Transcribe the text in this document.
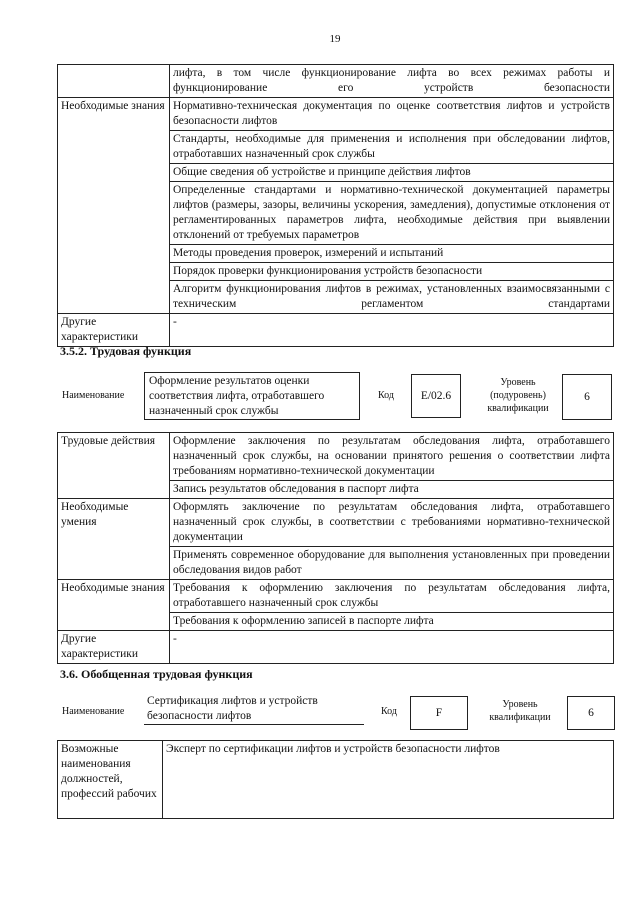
19
	лифта, в том числе функционирование лифта во всех режимах работы и функционирование его устройств безопасности
Необходимые знания	Нормативно-техническая документация по оценке соответствия лифтов и устройств безопасности лифтов
	Стандарты, необходимые для применения и исполнения при обследовании лифтов, отработавших назначенный срок службы
	Общие сведения об устройстве и принципе действия лифтов
	Определенные стандартами и нормативно-технической документацией параметры лифтов (размеры, зазоры, величины ускорения, замедления), допустимые отклонения от регламентированных параметров лифта, необходимые действия при выявлении отклонений от требуемых параметров
	Методы проведения проверок, измерений и испытаний
	Порядок проверки функционирования устройств безопасности
	Алгоритм функционирования лифтов в режимах, установленных взаимосвязанными с техническим регламентом стандартами
Другие характеристики	-
3.5.2. Трудовая функция
Наименование
Оформление результатов оценки соответствия лифта, отработавшего назначенный срок службы
Код	E/02.6
Уровень (подуровень) квалификации
6
Трудовые действия	Оформление заключения по результатам обследования лифта, отработавшего назначенный срок службы, на основании принятого решения о соответствии лифта требованиям нормативно-технической документации
	Запись результатов обследования в паспорт лифта
Необходимые умения	Оформлять заключение по результатам обследования лифта, отработавшего назначенный срок службы, в соответствии с требованиями нормативно-технической документации
	Применять современное оборудование для выполнения установленных при проведении обследования видов работ
Необходимые знания	Требования к оформлению заключения по результатам обследования лифта, отработавшего назначенный срок службы
	Требования к оформлению записей в паспорте лифта
Другие характеристики	-
3.6. Обобщенная трудовая функция
Наименование
Сертификация лифтов и устройств безопасности лифтов	Код	F
Уровень квалификации	6
Возможные наименования должностей, профессий рабочих	Эксперт по сертификации лифтов и устройств безопасности лифтов
